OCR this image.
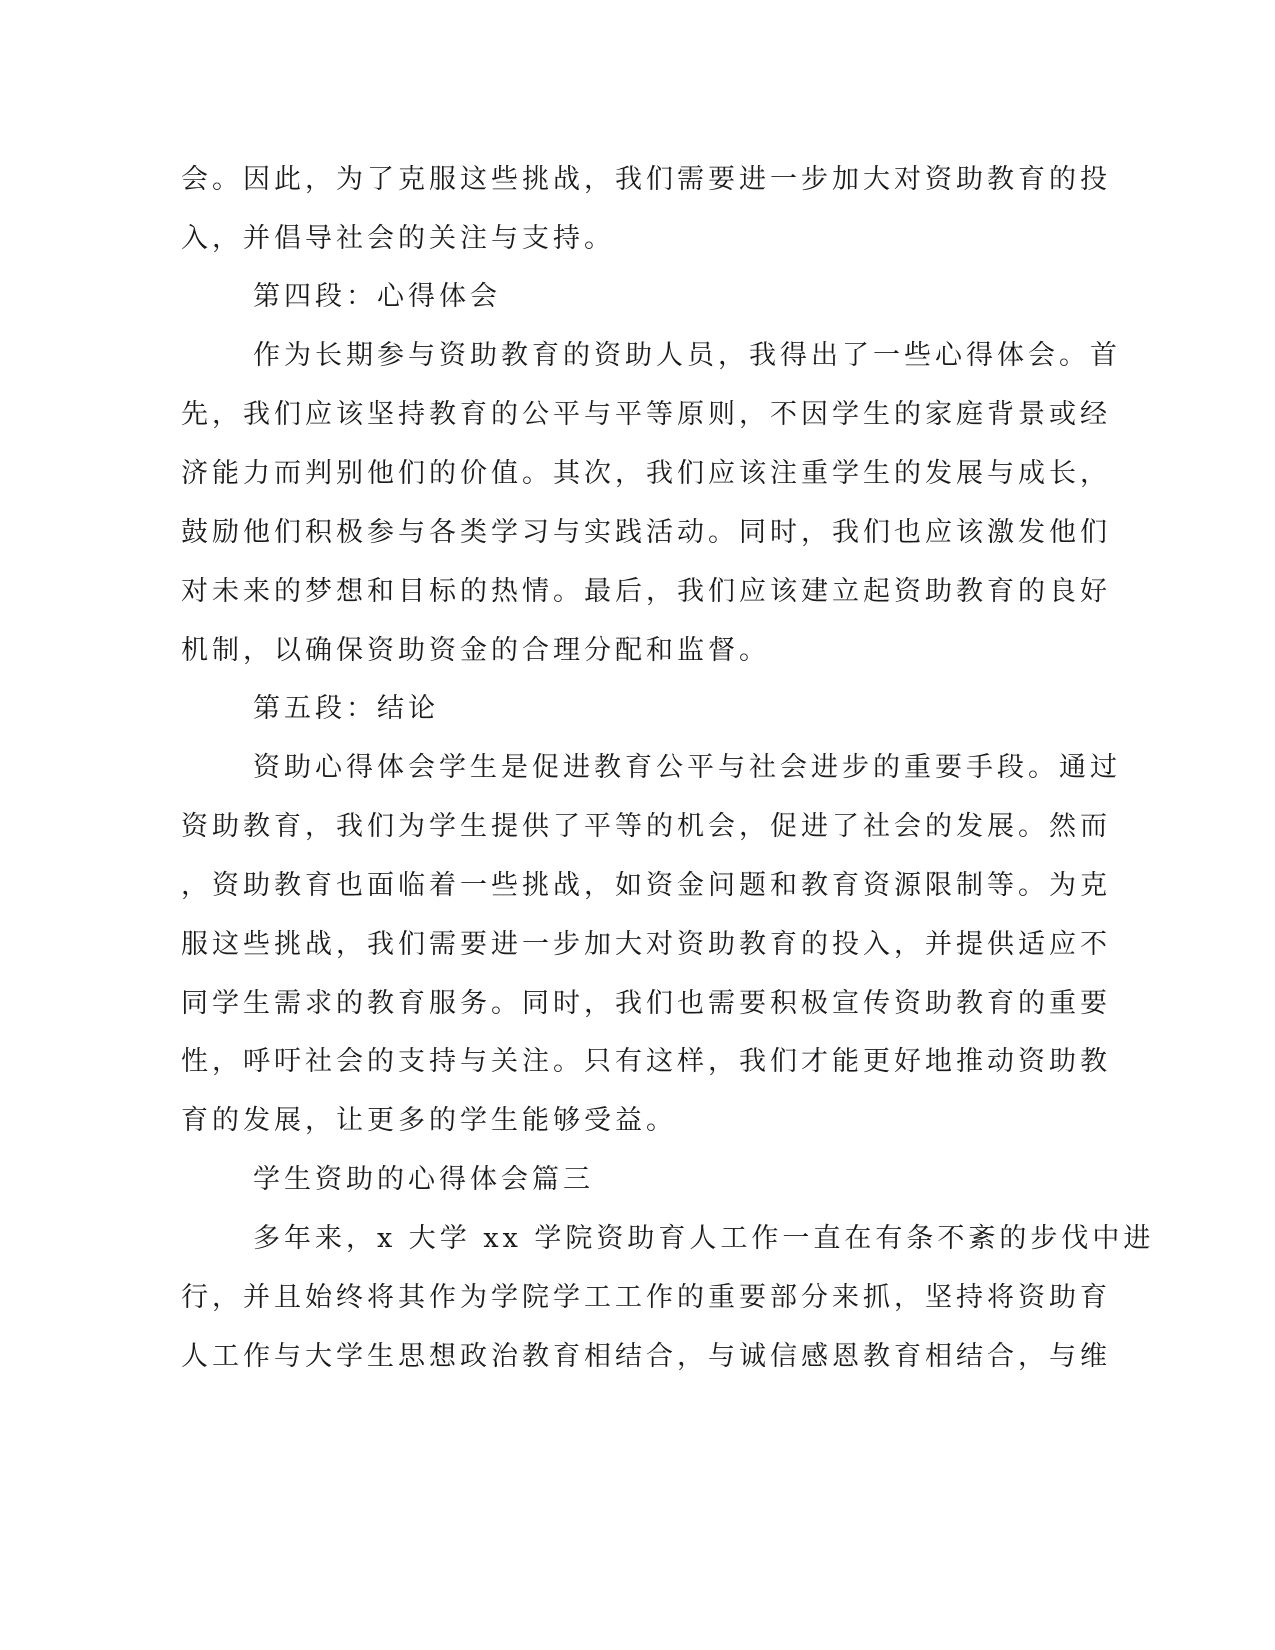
会。因此，为了克服这些挑战，我们需要进一步加大对资助教育的投

入，并倡导社会的关注与支持。

第四段：心得体会

作为长期参与资助教育的资助人员，我得出了一些心得体会。首

先，我们应该坚持教育的公平与平等原则，不因学生的家庭背景或经

济能力而判别他们的价值。其次，我们应该注重学生的发展与成长，

鼓励他们积极参与各类学习与实践活动。同时，我们也应该激发他们

对未来的梦想和目标的热情。最后，我们应该建立起资助教育的良好

机制，以确保资助资金的合理分配和监督。

第五段：结论

资助心得体会学生是促进教育公平与社会进步的重要手段。通过

资助教育，我们为学生提供了平等的机会，促进了社会的发展。然而

，资助教育也面临着一些挑战，如资金问题和教育资源限制等。为克

服这些挑战，我们需要进一步加大对资助教育的投入，并提供适应不

同学生需求的教育服务。同时，我们也需要积极宣传资助教育的重要

性，呼吁社会的支持与关注。只有这样，我们才能更好地推动资助教

育的发展，让更多的学生能够受益。

学生资助的心得体会篇三

多年来，x 大学 xx 学院资助育人工作一直在有条不紊的步伐中进

行，并且始终将其作为学院学工工作的重要部分来抓，坚持将资助育

人工作与大学生思想政治教育相结合，与诚信感恩教育相结合，与维
